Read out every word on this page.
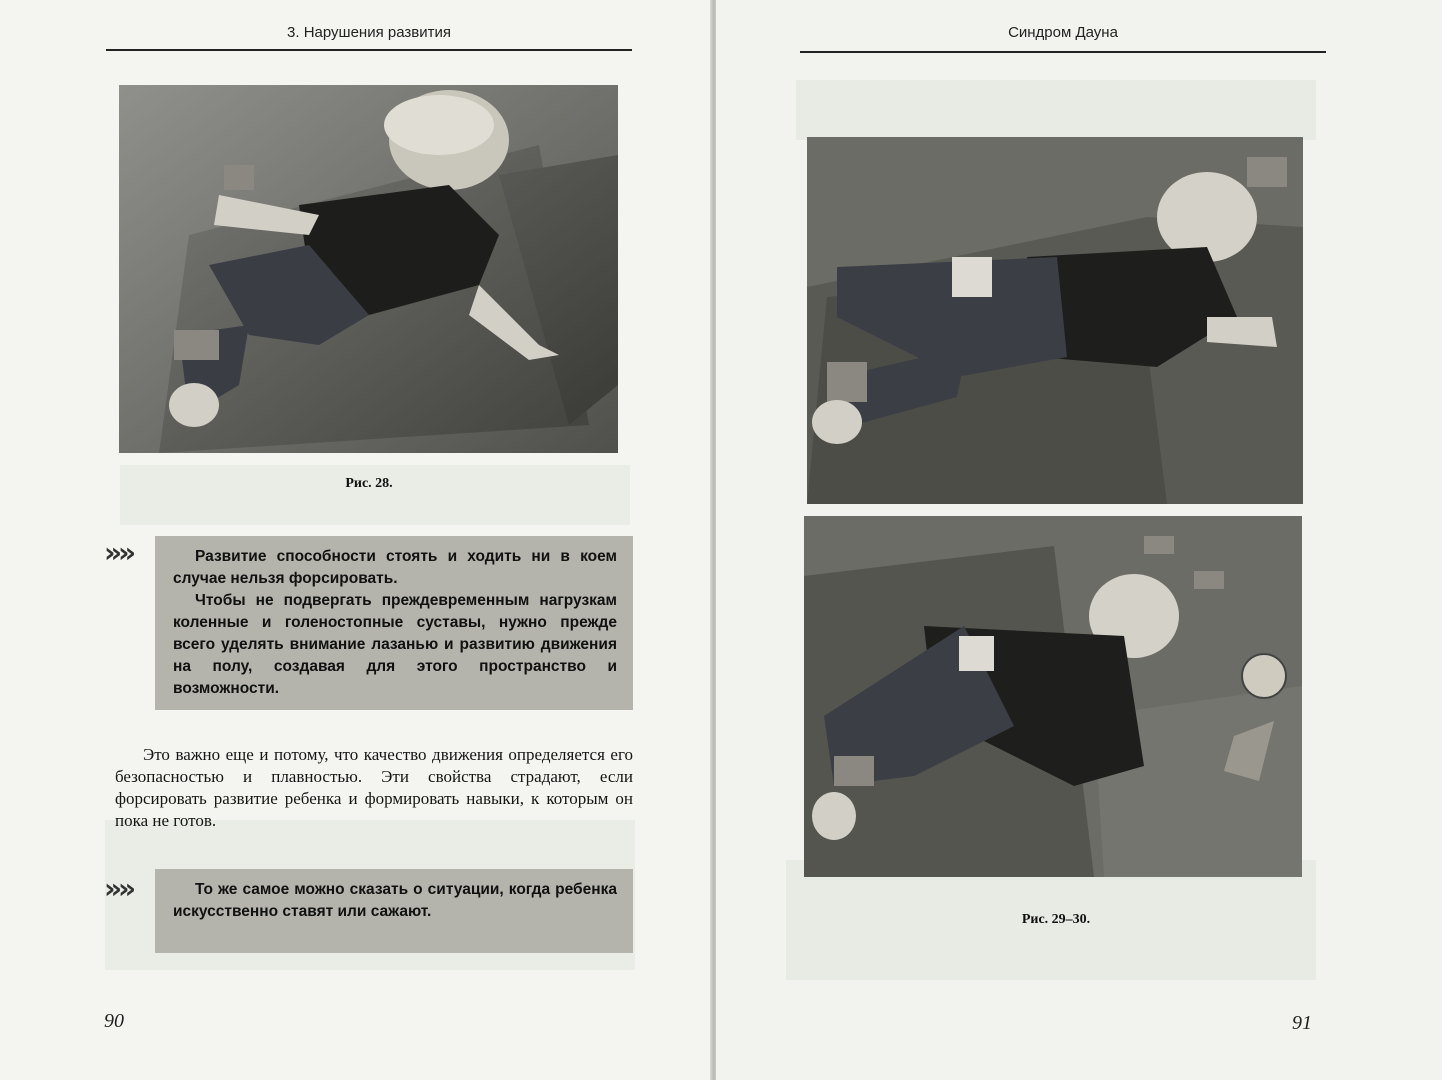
3. Нарушения развития
Рис. 28.
» »	Развитие способности стоять и ходить ни в коем случае нельзя форсировать.

Чтобы не подвергать преждевременным нагрузкам коленные и голеностопные суставы, нужно прежде всего уделять внимание лазанью и развитию движения на полу, создавая для этого пространство и возможности.

Это важно еще и потому, что качество движения определяется его безопасностью и плавностью. Эти свойства страдают, если форсировать развитие ребенка и формировать навыки, к которым он пока не готов.

» »	То же самое можно сказать о ситуации, когда ребенка искусственно ставят или сажают.

90
Синдром Дауна
Рис. 29–30.
91
